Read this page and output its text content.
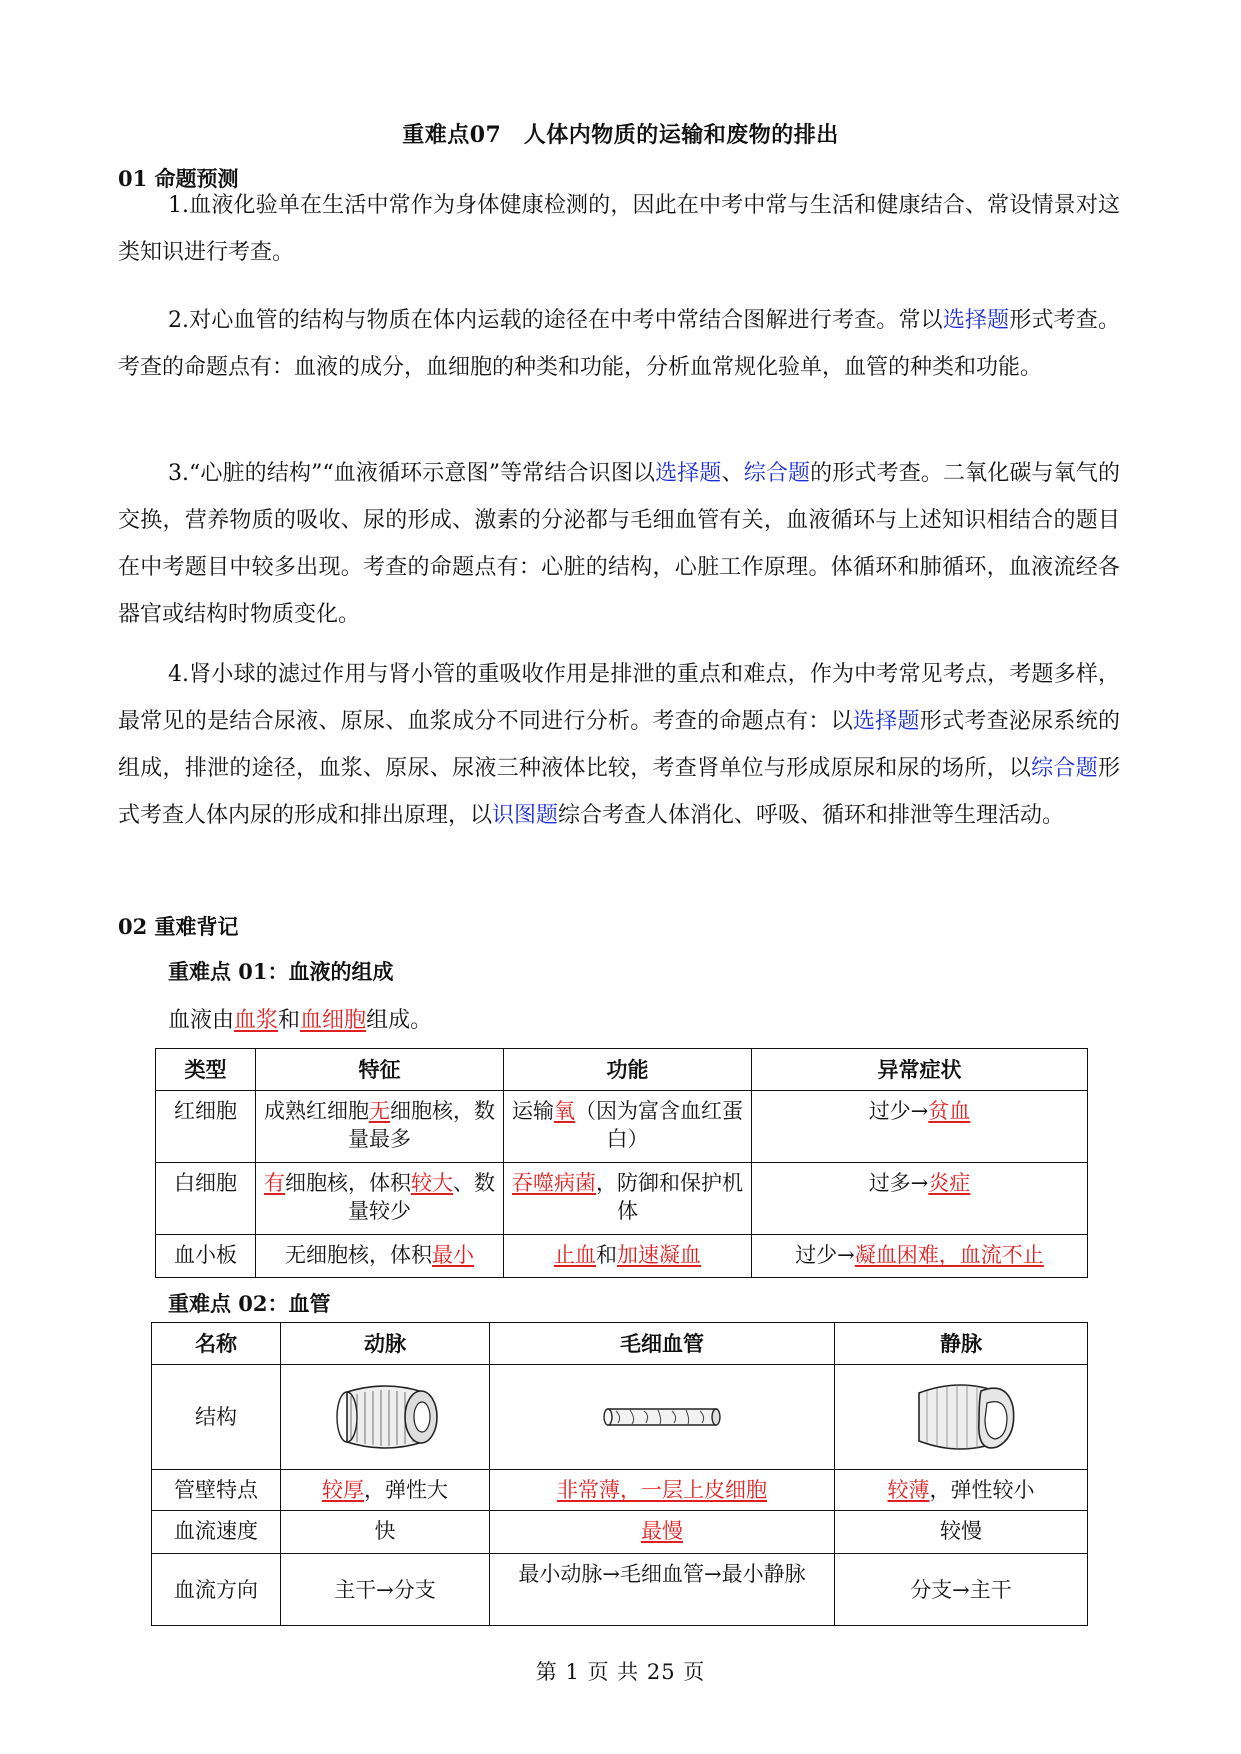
重难点07　人体内物质的运输和废物的排出
01 命题预测
1.血液化验单在生活中常作为身体健康检测的，因此在中考中常与生活和健康结合、常设情景对这类知识进行考查。
2.对心血管的结构与物质在体内运载的途径在中考中常结合图解进行考查。常以选择题形式考查。考查的命题点有：血液的成分，血细胞的种类和功能，分析血常规化验单，血管的种类和功能。
3.“心脏的结构”“血液循环示意图”等常结合识图以选择题、综合题的形式考查。二氧化碳与氧气的交换，营养物质的吸收、尿的形成、激素的分泌都与毛细血管有关，血液循环与上述知识相结合的题目在中考题目中较多出现。考查的命题点有：心脏的结构，心脏工作原理。体循环和肺循环，血液流经各器官或结构时物质变化。
4.肾小球的滤过作用与肾小管的重吸收作用是排泄的重点和难点，作为中考常见考点，考题多样，最常见的是结合尿液、原尿、血浆成分不同进行分析。考查的命题点有：以选择题形式考查泌尿系统的组成，排泄的途径，血浆、原尿、尿液三种液体比较，考查肾单位与形成原尿和尿的场所，以综合题形式考查人体内尿的形成和排出原理，以识图题综合考查人体消化、呼吸、循环和排泄等生理活动。
02 重难背记
重难点 01：血液的组成
血液由血浆和血细胞组成。
类型	特征	功能	异常症状
红细胞	成熟红细胞无细胞核，数量最多	运输氧（因为富含血红蛋白）	过少→贫血
白细胞	有细胞核，体积较大、数量较少	吞噬病菌，防御和保护机体	过多→炎症
血小板	无细胞核，体积最小	止血和加速凝血	过少→凝血困难，血流不止
重难点 02：血管
名称	动脉	毛细血管	静脉
结构	

管壁特点	较厚，弹性大	非常薄，一层上皮细胞	较薄，弹性较小
血流速度	快	最慢	较慢
血流方向	主干→分支	最小动脉→毛细血管→最小静脉	分支→主干
第 1 页 共 25 页
